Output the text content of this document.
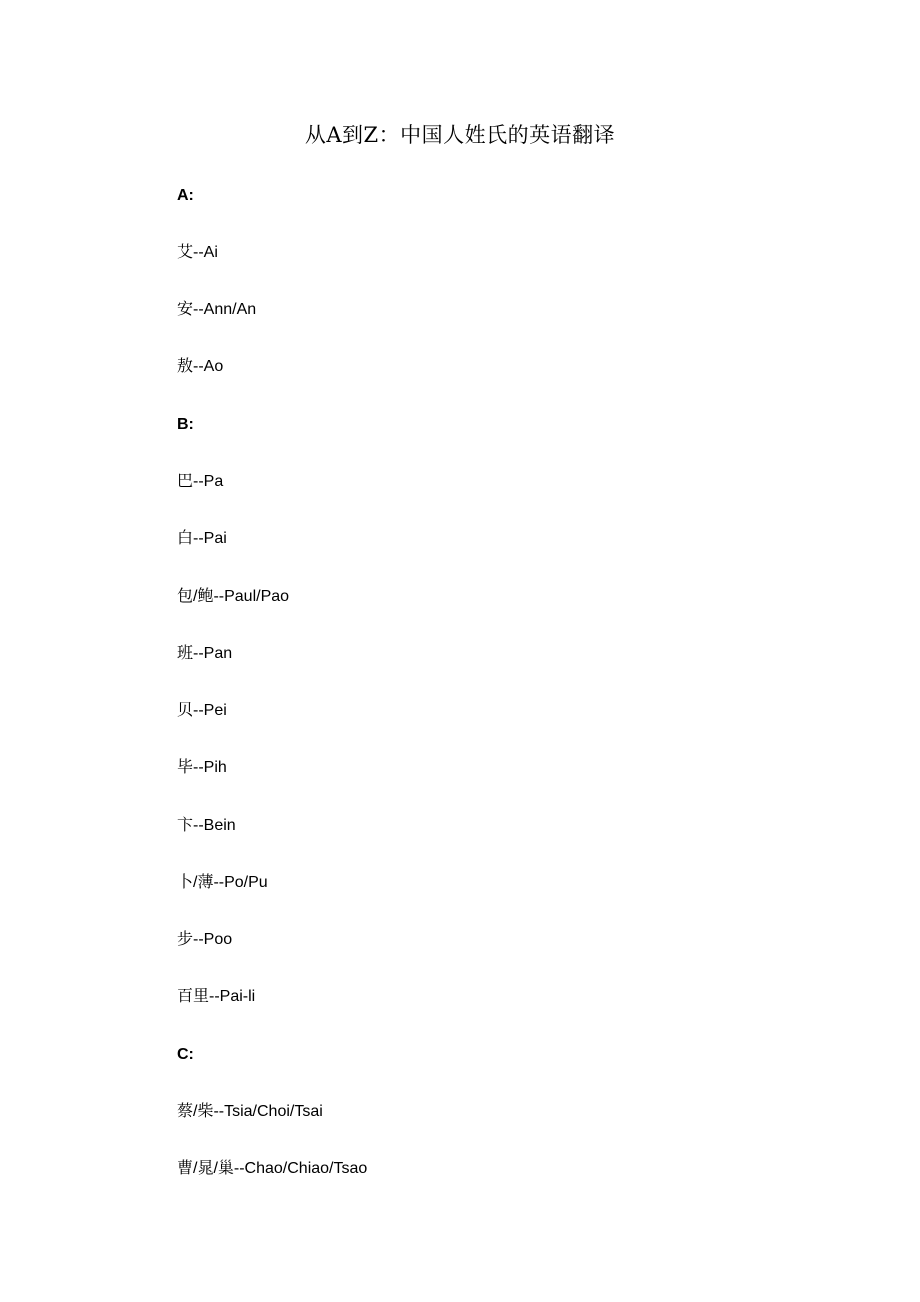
从A到Z：中国人姓氏的英语翻译
A:
艾--Ai
安--Ann/An
敖--Ao
B:
巴--Pa
白--Pai
包/鲍--Paul/Pao
班--Pan
贝--Pei
毕--Pih
卞--Bein
卜/薄--Po/Pu
步--Poo
百里--Pai-li
C:
蔡/柴--Tsia/Choi/Tsai
曹/晁/巢--Chao/Chiao/Tsao
